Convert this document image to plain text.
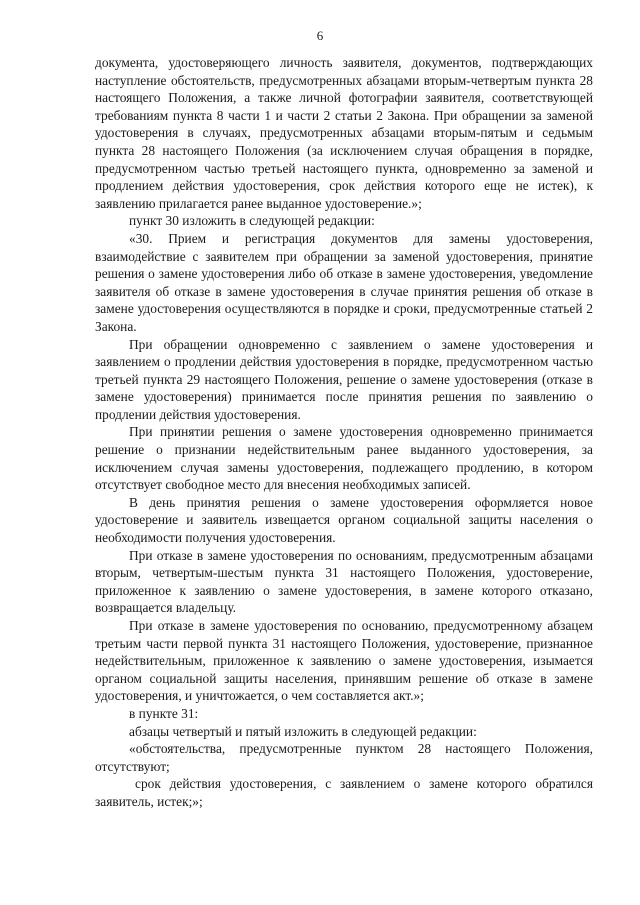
6

документа, удостоверяющего личность заявителя, документов, подтверждающих наступление обстоятельств, предусмотренных абзацами вторым-четвертым пункта 28 настоящего Положения, а также личной фотографии заявителя, соответствующей требованиям пункта 8 части 1 и части 2 статьи 2 Закона. При обращении за заменой удостоверения в случаях, предусмотренных абзацами вторым-пятым и седьмым пункта 28 настоящего Положения (за исключением случая обращения в порядке, предусмотренном частью третьей настоящего пункта, одновременно за заменой и продлением действия удостоверения, срок действия которого еще не истек), к заявлению прилагается ранее выданное удостоверение.»;

пункт 30 изложить в следующей редакции:

«30. Прием и регистрация документов для замены удостоверения, взаимодействие с заявителем при обращении за заменой удостоверения, принятие решения о замене удостоверения либо об отказе в замене удостоверения, уведомление заявителя об отказе в замене удостоверения в случае принятия решения об отказе в замене удостоверения осуществляются в порядке и сроки, предусмотренные статьей 2 Закона.

При обращении одновременно с заявлением о замене удостоверения и заявлением о продлении действия удостоверения в порядке, предусмотренном частью третьей пункта 29 настоящего Положения, решение о замене удостоверения (отказе в замене удостоверения) принимается после принятия решения по заявлению о продлении действия удостоверения.

При принятии решения о замене удостоверения одновременно принимается решение о признании недействительным ранее выданного удостоверения, за исключением случая замены удостоверения, подлежащего продлению, в котором отсутствует свободное место для внесения необходимых записей.

В день принятия решения о замене удостоверения оформляется новое удостоверение и заявитель извещается органом социальной защиты населения о необходимости получения удостоверения.

При отказе в замене удостоверения по основаниям, предусмотренным абзацами вторым, четвертым-шестым пункта 31 настоящего Положения, удостоверение, приложенное к заявлению о замене удостоверения, в замене которого отказано, возвращается владельцу.

При отказе в замене удостоверения по основанию, предусмотренному абзацем третьим части первой пункта 31 настоящего Положения, удостоверение, признанное недействительным, приложенное к заявлению о замене удостоверения, изымается органом социальной защиты населения, принявшим решение об отказе в замене удостоверения, и уничтожается, о чем составляется акт.»;

в пункте 31:

абзацы четвертый и пятый изложить в следующей редакции:

«обстоятельства, предусмотренные пунктом 28 настоящего Положения, отсутствуют;

срок действия удостоверения, с заявлением о замене которого обратился заявитель, истек;»;
